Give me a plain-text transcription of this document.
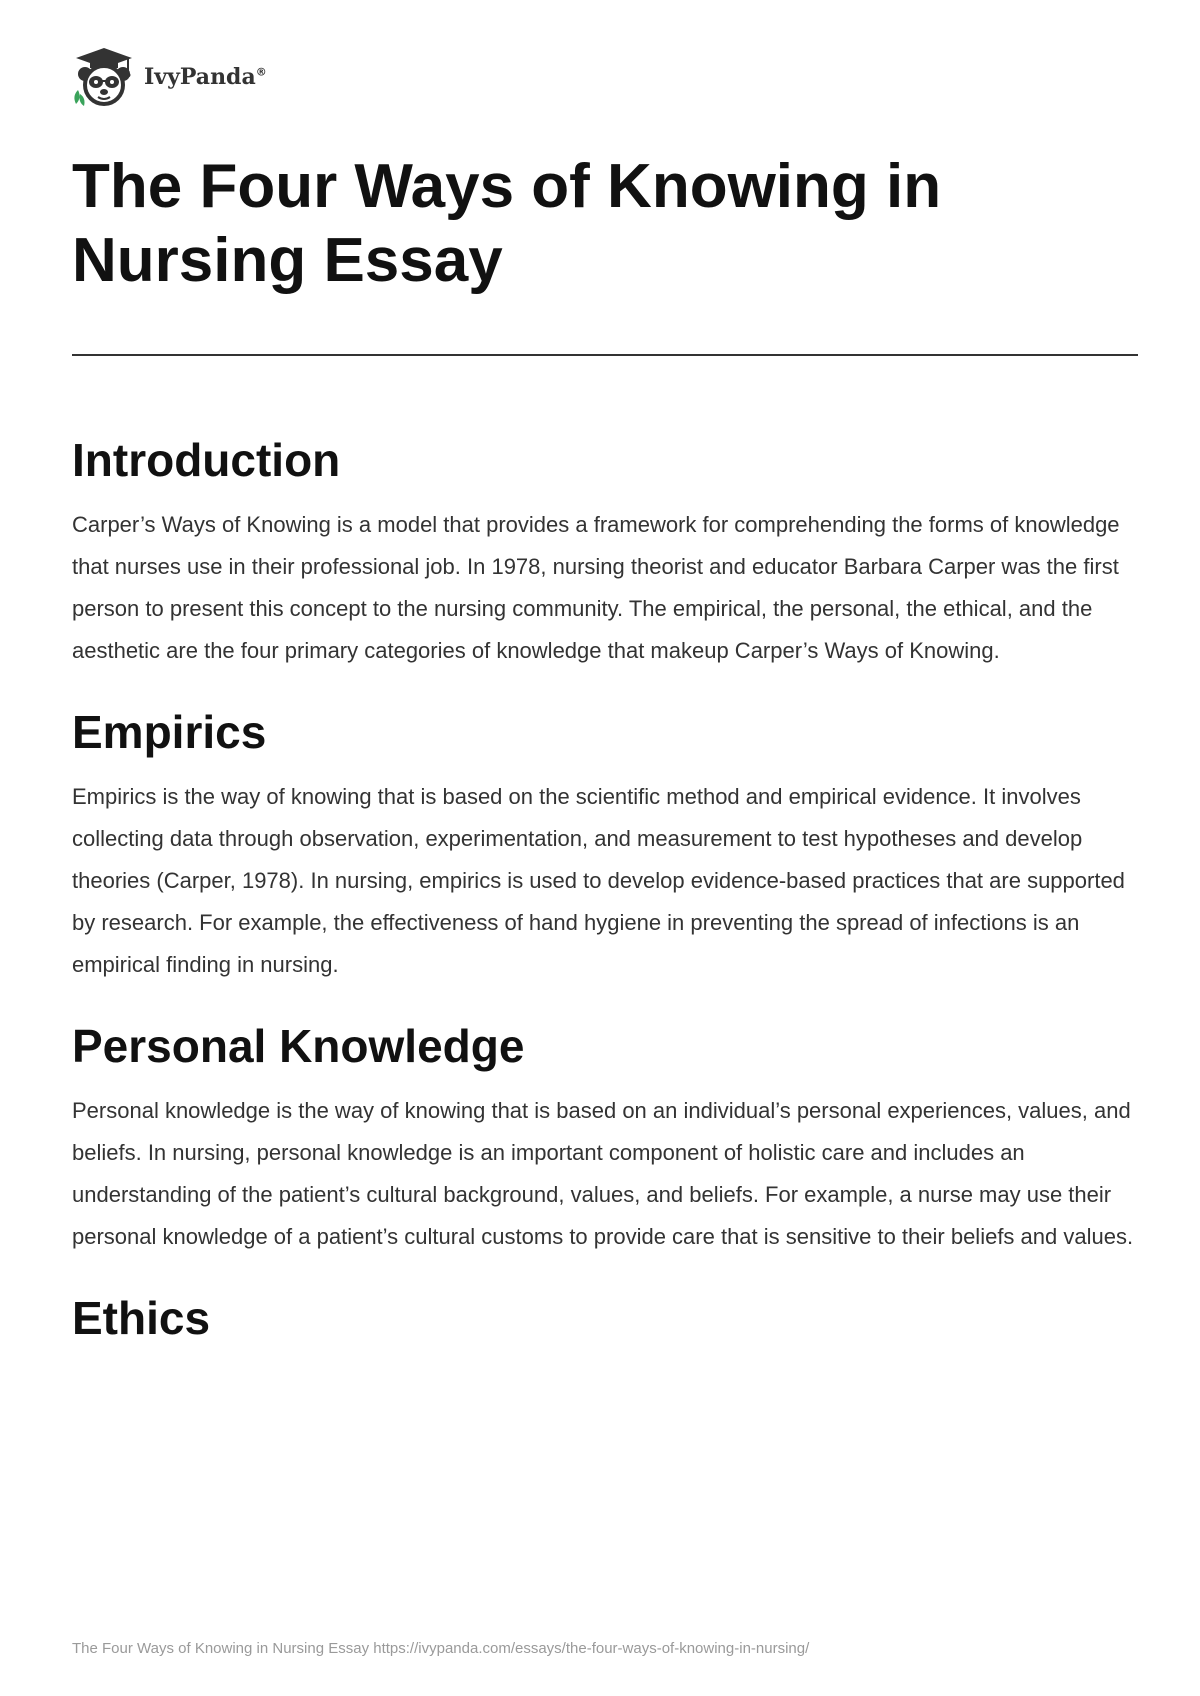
IvyPanda®
The Four Ways of Knowing in Nursing Essay
Introduction

Carper’s Ways of Knowing is a model that provides a framework for comprehending the forms of knowledge that nurses use in their professional job. In 1978, nursing theorist and educator Barbara Carper was the first person to present this concept to the nursing community. The empirical, the personal, the ethical, and the aesthetic are the four primary categories of knowledge that makeup Carper’s Ways of Knowing.

Empirics

Empirics is the way of knowing that is based on the scientific method and empirical evidence. It involves collecting data through observation, experimentation, and measurement to test hypotheses and develop theories (Carper, 1978). In nursing, empirics is used to develop evidence-based practices that are supported by research. For example, the effectiveness of hand hygiene in preventing the spread of infections is an empirical finding in nursing.

Personal Knowledge

Personal knowledge is the way of knowing that is based on an individual’s personal experiences, values, and beliefs. In nursing, personal knowledge is an important component of holistic care and includes an understanding of the patient’s cultural background, values, and beliefs. For example, a nurse may use their personal knowledge of a patient’s cultural customs to provide care that is sensitive to their beliefs and values.

Ethics
The Four Ways of Knowing in Nursing Essay https://ivypanda.com/essays/the-four-ways-of-knowing-in-nursing/
